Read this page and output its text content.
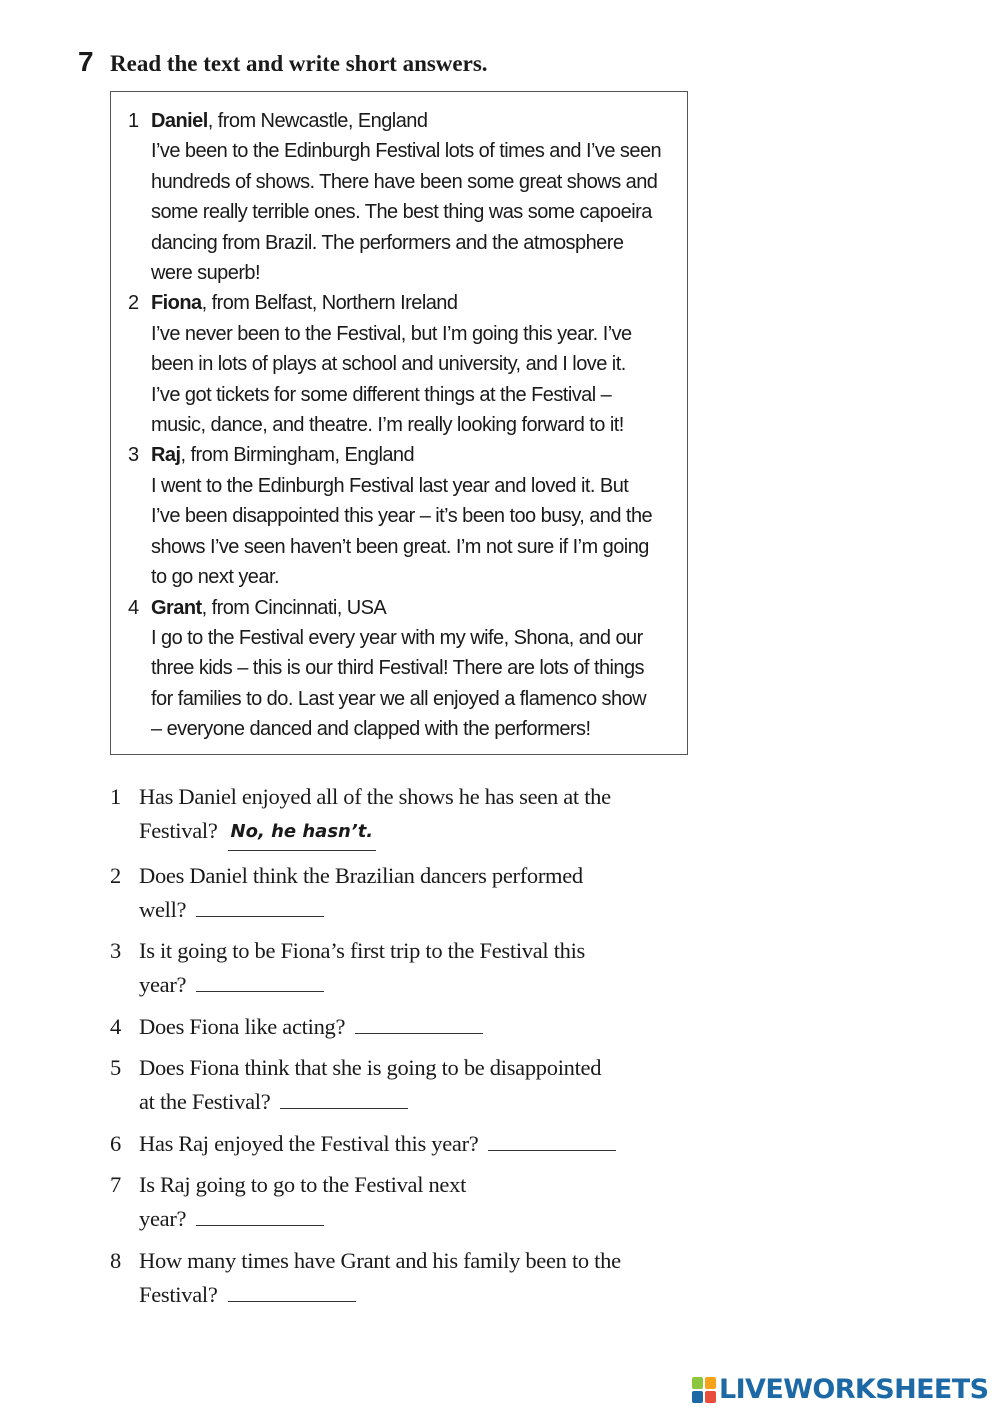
7 Read the text and write short answers.
1 Daniel, from Newcastle, England
I’ve been to the Edinburgh Festival lots of times and I’ve seen
hundreds of shows. There have been some great shows and
some really terrible ones. The best thing was some capoeira
dancing from Brazil. The performers and the atmosphere
were superb!
2 Fiona, from Belfast, Northern Ireland
I’ve never been to the Festival, but I’m going this year. I’ve
been in lots of plays at school and university, and I love it.
I’ve got tickets for some different things at the Festival –
music, dance, and theatre. I’m really looking forward to it!
3 Raj, from Birmingham, England
I went to the Edinburgh Festival last year and loved it. But
I’ve been disappointed this year – it’s been too busy, and the
shows I’ve seen haven’t been great. I’m not sure if I’m going
to go next year.
4 Grant, from Cincinnati, USA
I go to the Festival every year with my wife, Shona, and our
three kids – this is our third Festival! There are lots of things
for families to do. Last year we all enjoyed a flamenco show
– everyone danced and clapped with the performers!
1 Has Daniel enjoyed all of the shows he has seen at the
Festival? No, he hasn’t.
2 Does Daniel think the Brazilian dancers performed
well?
3 Is it going to be Fiona’s first trip to the Festival this
year?
4 Does Fiona like acting?
5 Does Fiona think that she is going to be disappointed
at the Festival?
6 Has Raj enjoyed the Festival this year?
7 Is Raj going to go to the Festival next
year?
8 How many times have Grant and his family been to the
Festival?
LIVEWORKSHEETS
